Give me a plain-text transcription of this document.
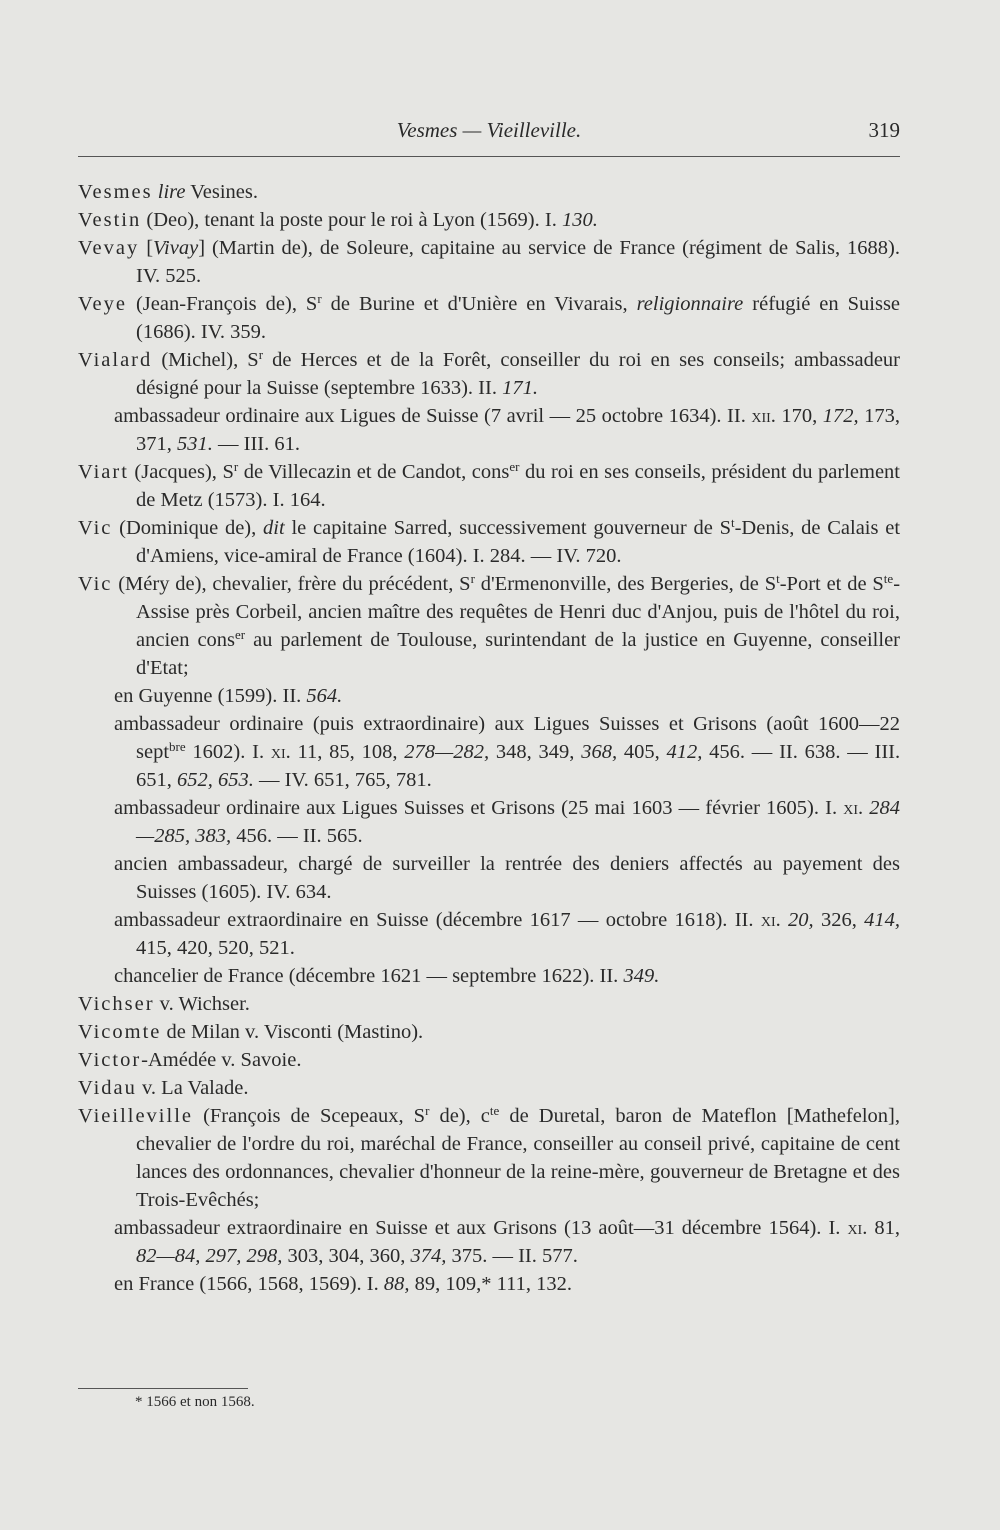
Vesmes — Vieilleville.	319

Vesmes lire Vesines.

Vestin (Deo), tenant la poste pour le roi à Lyon (1569). I. 130.

Vevay [Vivay] (Martin de), de Soleure, capitaine au service de France (régiment de Salis, 1688). IV. 525.

Veye (Jean-François de), $S^r$ de Burine et d'Unière en Vivarais, religionnaire réfugié en Suisse (1686). IV. 359.

Vialard (Michel), $S^r$ de Herces et de la Forêt, conseiller du roi en ses conseils; ambassadeur désigné pour la Suisse (septembre 1633). II. 171.

ambassadeur ordinaire aux Ligues de Suisse (7 avril — 25 octobre 1634). II. xii. 170, 172, 173, 371, 531. — III. 61.

Viart (Jacques), $S^r$ de Villecazin et de Candot, cons$^{er}$ du roi en ses conseils, président du parlement de Metz (1573). I. 164.

Vic (Dominique de), dit le capitaine Sarred, successivement gouverneur de $S^t$-Denis, de Calais et d'Amiens, vice-amiral de France (1604). I. 284. — IV. 720.

Vic (Méry de), chevalier, frère du précédent, $S^r$ d'Ermenonville, des Bergeries, de $S^t$-Port et de $S^{te}$-Assise près Corbeil, ancien maître des requêtes de Henri duc d'Anjou, puis de l'hôtel du roi, ancien cons$^{er}$ au parlement de Toulouse, surintendant de la justice en Guyenne, conseiller d'Etat;

en Guyenne (1599). II. 564.

ambassadeur ordinaire (puis extraordinaire) aux Ligues Suisses et Grisons (août 1600—22 sept$^{bre}$ 1602). I. xi. 11, 85, 108, 278—282, 348, 349, 368, 405, 412, 456. — II. 638. — III. 651, 652, 653. — IV. 651, 765, 781.

ambassadeur ordinaire aux Ligues Suisses et Grisons (25 mai 1603 — février 1605). I. xi. 284—285, 383, 456. — II. 565.

ancien ambassadeur, chargé de surveiller la rentrée des deniers affectés au payement des Suisses (1605). IV. 634.

ambassadeur extraordinaire en Suisse (décembre 1617 — octobre 1618). II. xi. 20, 326, 414, 415, 420, 520, 521.

chancelier de France (décembre 1621 — septembre 1622). II. 349.

Vichser v. Wichser.

Vicomte de Milan v. Visconti (Mastino).

Victor-Amédée v. Savoie.

Vidau v. La Valade.

Vieilleville (François de Scepeaux, $S^r$ de), $c^{te}$ de Duretal, baron de Mateflon [Mathefelon], chevalier de l'ordre du roi, maréchal de France, conseiller au conseil privé, capitaine de cent lances des ordonnances, chevalier d'honneur de la reine-mère, gouverneur de Bretagne et des Trois-Evêchés;

ambassadeur extraordinaire en Suisse et aux Grisons (13 août—31 décembre 1564). I. xi. 81, 82—84, 297, 298, 303, 304, 360, 374, 375. — II. 577.

en France (1566, 1568, 1569). I. 88, 89, 109,* 111, 132.

* 1566 et non 1568.
